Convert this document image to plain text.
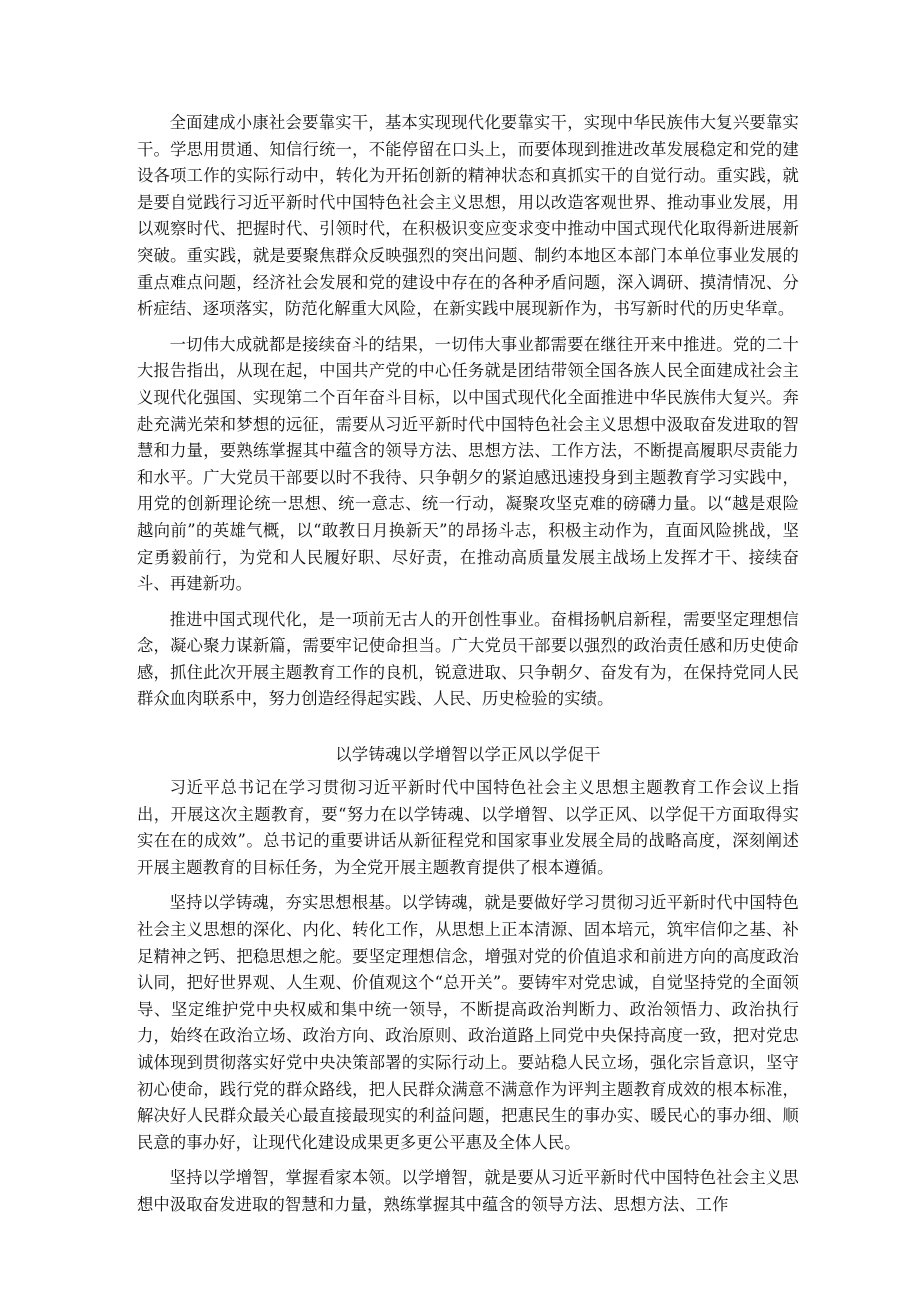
全面建成小康社会要靠实干，基本实现现代化要靠实干，实现中华民族伟大复兴要靠实干。学思用贯通、知信行统一，不能停留在口头上，而要体现到推进改革发展稳定和党的建设各项工作的实际行动中，转化为开拓创新的精神状态和真抓实干的自觉行动。重实践，就是要自觉践行习近平新时代中国特色社会主义思想，用以改造客观世界、推动事业发展，用以观察时代、把握时代、引领时代，在积极识变应变求变中推动中国式现代化取得新进展新突破。重实践，就是要聚焦群众反映强烈的突出问题、制约本地区本部门本单位事业发展的重点难点问题，经济社会发展和党的建设中存在的各种矛盾问题，深入调研、摸清情况、分析症结、逐项落实，防范化解重大风险，在新实践中展现新作为，书写新时代的历史华章。

一切伟大成就都是接续奋斗的结果，一切伟大事业都需要在继往开来中推进。党的二十大报告指出，从现在起，中国共产党的中心任务就是团结带领全国各族人民全面建成社会主义现代化强国、实现第二个百年奋斗目标，以中国式现代化全面推进中华民族伟大复兴。奔赴充满光荣和梦想的远征，需要从习近平新时代中国特色社会主义思想中汲取奋发进取的智慧和力量，要熟练掌握其中蕴含的领导方法、思想方法、工作方法，不断提高履职尽责能力和水平。广大党员干部要以时不我待、只争朝夕的紧迫感迅速投身到主题教育学习实践中，用党的创新理论统一思想、统一意志、统一行动，凝聚攻坚克难的磅礴力量。以“越是艰险越向前”的英雄气概，以“敢教日月换新天”的昂扬斗志，积极主动作为，直面风险挑战，坚定勇毅前行，为党和人民履好职、尽好责，在推动高质量发展主战场上发挥才干、接续奋斗、再建新功。

推进中国式现代化，是一项前无古人的开创性事业。奋楫扬帆启新程，需要坚定理想信念，凝心聚力谋新篇，需要牢记使命担当。广大党员干部要以强烈的政治责任感和历史使命感，抓住此次开展主题教育工作的良机，锐意进取、只争朝夕、奋发有为，在保持党同人民群众血肉联系中，努力创造经得起实践、人民、历史检验的实绩。

以学铸魂以学增智以学正风以学促干

习近平总书记在学习贯彻习近平新时代中国特色社会主义思想主题教育工作会议上指出，开展这次主题教育，要“努力在以学铸魂、以学增智、以学正风、以学促干方面取得实实在在的成效”。总书记的重要讲话从新征程党和国家事业发展全局的战略高度，深刻阐述开展主题教育的目标任务，为全党开展主题教育提供了根本遵循。

坚持以学铸魂，夯实思想根基。以学铸魂，就是要做好学习贯彻习近平新时代中国特色社会主义思想的深化、内化、转化工作，从思想上正本清源、固本培元，筑牢信仰之基、补足精神之钙、把稳思想之舵。要坚定理想信念，增强对党的价值追求和前进方向的高度政治认同，把好世界观、人生观、价值观这个“总开关”。要铸牢对党忠诚，自觉坚持党的全面领导、坚定维护党中央权威和集中统一领导，不断提高政治判断力、政治领悟力、政治执行力，始终在政治立场、政治方向、政治原则、政治道路上同党中央保持高度一致，把对党忠诚体现到贯彻落实好党中央决策部署的实际行动上。要站稳人民立场，强化宗旨意识，坚守初心使命，践行党的群众路线，把人民群众满意不满意作为评判主题教育成效的根本标准，解决好人民群众最关心最直接最现实的利益问题，把惠民生的事办实、暖民心的事办细、顺民意的事办好，让现代化建设成果更多更公平惠及全体人民。

坚持以学增智，掌握看家本领。以学增智，就是要从习近平新时代中国特色社会主义思想中汲取奋发进取的智慧和力量，熟练掌握其中蕴含的领导方法、思想方法、工作
